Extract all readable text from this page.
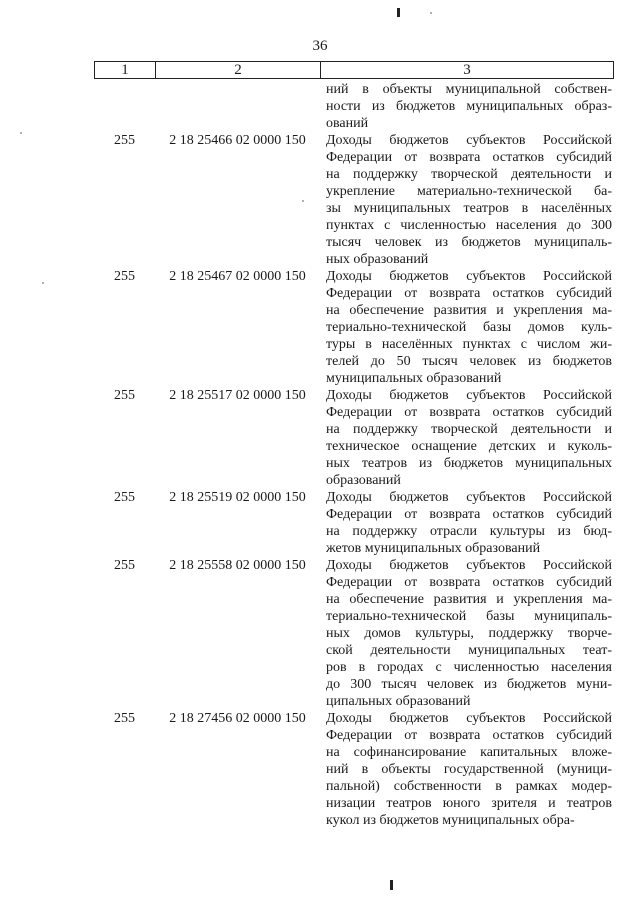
36
1	2	3
ний в объекты муниципальной собствен-
ности из бюджетов муниципальных образ-
ований
255	2 18 25466 02 0000 150	Доходы бюджетов субъектов Российской
Федерации от возврата остатков субсидий
на поддержку творческой деятельности и
укрепление материально-технической ба-
зы муниципальных театров в населённых
пунктах с численностью населения до 300
тысяч человек из бюджетов муниципаль-
ных образований
255	2 18 25467 02 0000 150	Доходы бюджетов субъектов Российской
Федерации от возврата остатков субсидий
на обеспечение развития и укрепления ма-
териально-технической базы домов куль-
туры в населённых пунктах с числом жи-
телей до 50 тысяч человек из бюджетов
муниципальных образований
255	2 18 25517 02 0000 150	Доходы бюджетов субъектов Российской
Федерации от возврата остатков субсидий
на поддержку творческой деятельности и
техническое оснащение детских и куколь-
ных театров из бюджетов муниципальных
образований
255	2 18 25519 02 0000 150	Доходы бюджетов субъектов Российской
Федерации от возврата остатков субсидий
на поддержку отрасли культуры из бюд-
жетов муниципальных образований
255	2 18 25558 02 0000 150	Доходы бюджетов субъектов Российской
Федерации от возврата остатков субсидий
на обеспечение развития и укрепления ма-
териально-технической базы муниципаль-
ных домов культуры, поддержку творче-
ской деятельности муниципальных теат-
ров в городах с численностью населения
до 300 тысяч человек из бюджетов муни-
ципальных образований
255	2 18 27456 02 0000 150	Доходы бюджетов субъектов Российской
Федерации от возврата остатков субсидий
на софинансирование капитальных вложе-
ний в объекты государственной (муници-
пальной) собственности в рамках модер-
низации театров юного зрителя и театров
кукол из бюджетов муниципальных обра-
